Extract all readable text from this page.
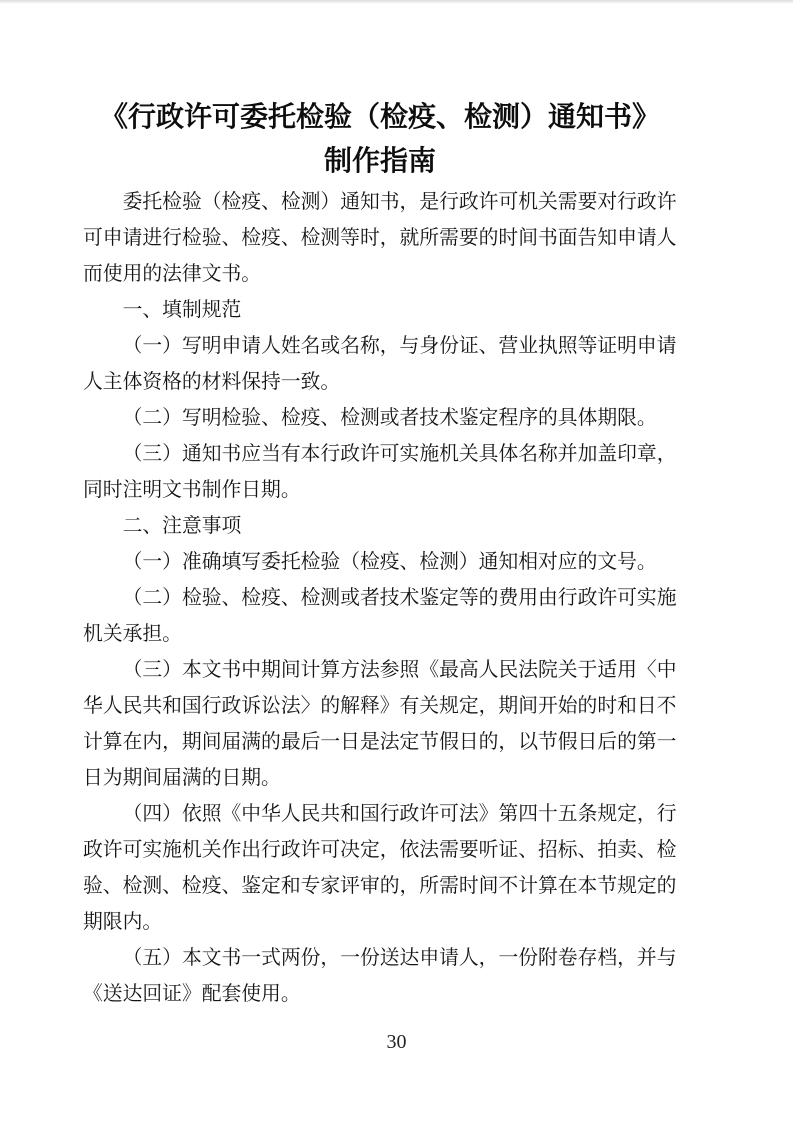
《行政许可委托检验（检疫、检测）通知书》
制作指南
委托检验（检疫、检测）通知书，是行政许可机关需要对行政许
可申请进行检验、检疫、检测等时，就所需要的时间书面告知申请人
而使用的法律文书。
一、填制规范
（一）写明申请人姓名或名称，与身份证、营业执照等证明申请
人主体资格的材料保持一致。
（二）写明检验、检疫、检测或者技术鉴定程序的具体期限。
（三）通知书应当有本行政许可实施机关具体名称并加盖印章，
同时注明文书制作日期。
二、注意事项
（一）准确填写委托检验（检疫、检测）通知相对应的文号。
（二）检验、检疫、检测或者技术鉴定等的费用由行政许可实施
机关承担。
（三）本文书中期间计算方法参照《最高人民法院关于适用〈中
华人民共和国行政诉讼法〉的解释》有关规定，期间开始的时和日不
计算在内，期间届满的最后一日是法定节假日的，以节假日后的第一
日为期间届满的日期。
（四）依照《中华人民共和国行政许可法》第四十五条规定，行
政许可实施机关作出行政许可决定，依法需要听证、招标、拍卖、检
验、检测、检疫、鉴定和专家评审的，所需时间不计算在本节规定的
期限内。
（五）本文书一式两份，一份送达申请人，一份附卷存档，并与
《送达回证》配套使用。
30
